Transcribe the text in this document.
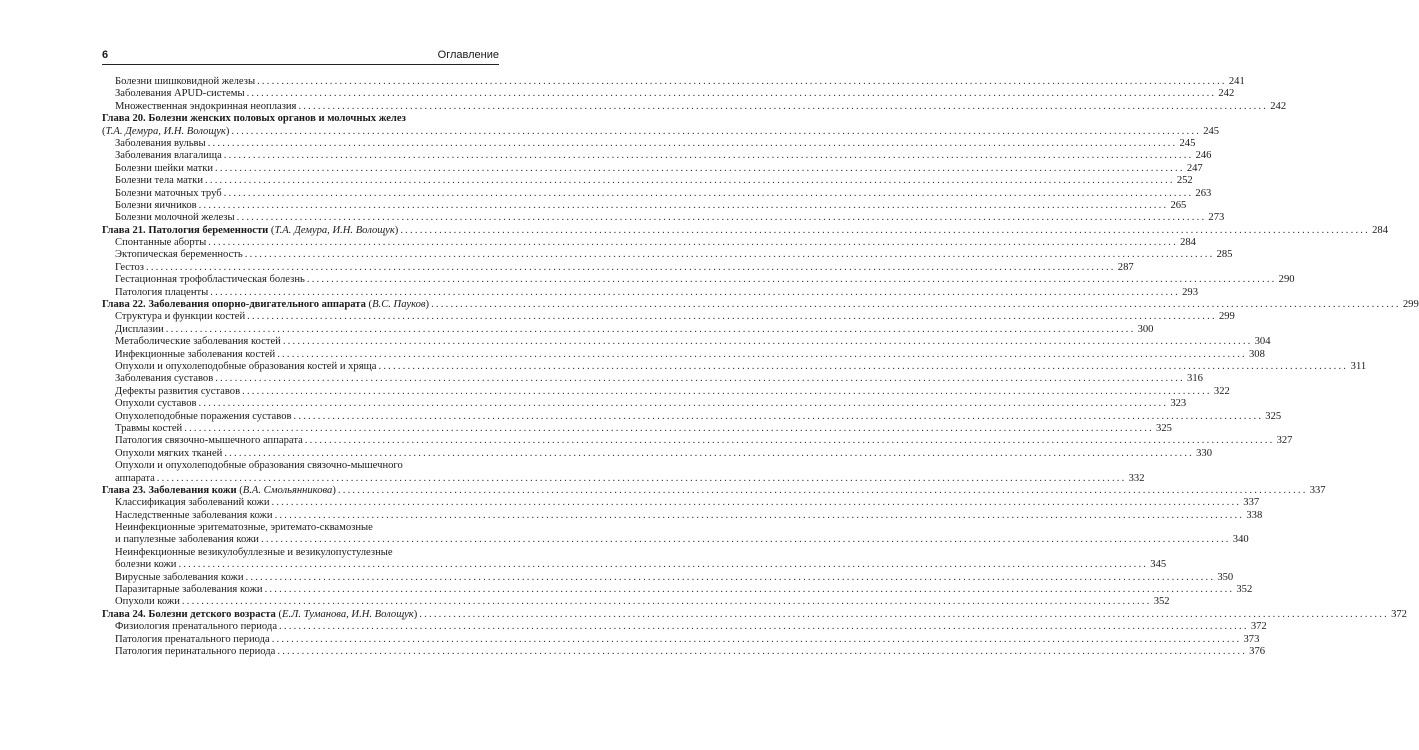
6	Оглавление
Болезни шишковидной железы ........................................................................................................................................................................................................ 241
Заболевания APUD-системы ........................................................................................................................................................................................................ 242
Множественная эндокринная неоплазия ........................................................................................................................................................................................................ 242
Глава 20. Болезни женских половых органов и молочных желез
(Т.А. Демура, И.Н. Волощук) ........................................................................................................................................................................................................ 245
Заболевания вульвы ........................................................................................................................................................................................................ 245
Заболевания влагалища ........................................................................................................................................................................................................ 246
Болезни шейки матки ........................................................................................................................................................................................................ 247
Болезни тела матки ........................................................................................................................................................................................................ 252
Болезни маточных труб ........................................................................................................................................................................................................ 263
Болезни яичников ........................................................................................................................................................................................................ 265
Болезни молочной железы ........................................................................................................................................................................................................ 273
Глава 21. Патология беременности (Т.А. Демура, И.Н. Волощук) ........................................................................................................................................................................................................ 284
Спонтанные аборты ........................................................................................................................................................................................................ 284
Эктопическая беременность ........................................................................................................................................................................................................ 285
Гестоз ........................................................................................................................................................................................................ 287
Гестационная трофобластическая болезнь ........................................................................................................................................................................................................ 290
Патология плаценты ........................................................................................................................................................................................................ 293
Глава 22. Заболевания опорно-двигательного аппарата (В.С. Пауков) ........................................................................................................................................................................................................ 299
Структура и функции костей ........................................................................................................................................................................................................ 299
Дисплазии ........................................................................................................................................................................................................ 300
Метаболические заболевания костей ........................................................................................................................................................................................................ 304
Инфекционные заболевания костей ........................................................................................................................................................................................................ 308
Опухоли и опухолеподобные образования костей и хряща ........................................................................................................................................................................................................ 311
Заболевания суставов ........................................................................................................................................................................................................ 316
Дефекты развития суставов ........................................................................................................................................................................................................ 322
Опухоли суставов ........................................................................................................................................................................................................ 323
Опухолеподобные поражения суставов ........................................................................................................................................................................................................ 325
Травмы костей ........................................................................................................................................................................................................ 325
Патология связочно-мышечного аппарата ........................................................................................................................................................................................................ 327
Опухоли мягких тканей ........................................................................................................................................................................................................ 330
Опухоли и опухолеподобные образования связочно-мышечного
аппарата ........................................................................................................................................................................................................ 332
Глава 23. Заболевания кожи (В.А. Смольянникова) ........................................................................................................................................................................................................ 337
Классификация заболеваний кожи ........................................................................................................................................................................................................ 337
Наследственные заболевания кожи ........................................................................................................................................................................................................ 338
Неинфекционные эритематозные, эритемато-сквамозные
и папулезные заболевания кожи ........................................................................................................................................................................................................ 340
Неинфекционные везикулобуллезные и везикулопустулезные
болезни кожи ........................................................................................................................................................................................................ 345
Вирусные заболевания кожи ........................................................................................................................................................................................................ 350
Паразитарные заболевания кожи ........................................................................................................................................................................................................ 352
Опухоли кожи ........................................................................................................................................................................................................ 352
Глава 24. Болезни детского возраста (Е.Л. Туманова, И.Н. Волощук) ........................................................................................................................................................................................................ 372
Физиология пренатального периода ........................................................................................................................................................................................................ 372
Патология пренатального периода ........................................................................................................................................................................................................ 373
Патология перинатального периода ........................................................................................................................................................................................................ 376
